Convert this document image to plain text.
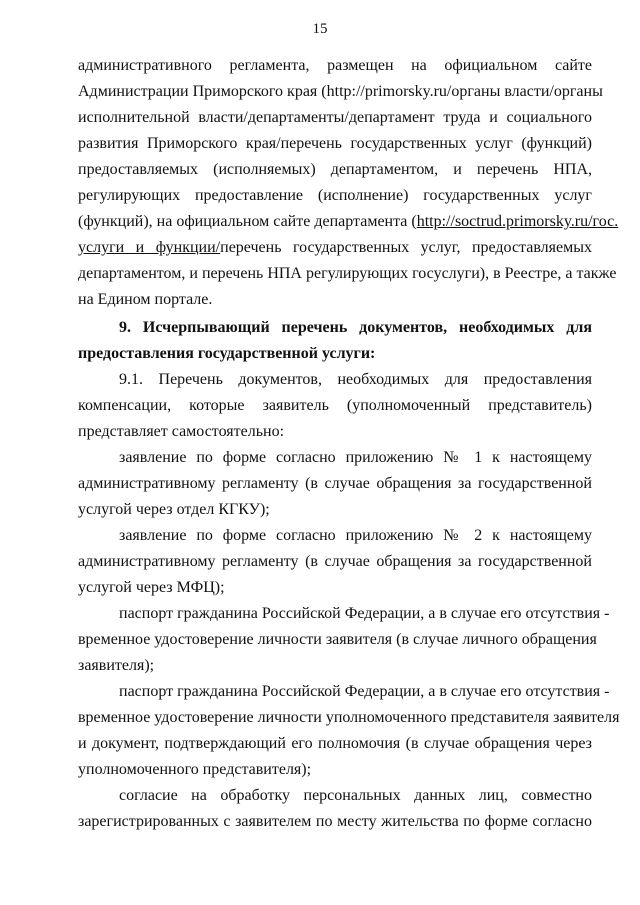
15
административного регламента, размещен на официальном сайте
Администрации Приморского края (http://primorsky.ru/органы власти/органы
исполнительной власти/департаменты/департамент труда и социального
развития Приморского края/перечень государственных услуг (функций)
предоставляемых (исполняемых) департаментом, и перечень НПА,
регулирующих предоставление (исполнение) государственных услуг
(функций), на официальном сайте департамента (http://soctrud.primorsky.ru/гос.
услуги и функции/перечень государственных услуг, предоставляемых
департаментом, и перечень НПА регулирующих госуслуги), в Реестре, а также
на Едином портале.
9. Исчерпывающий перечень документов, необходимых для
предоставления государственной услуги:
9.1. Перечень документов, необходимых для предоставления
компенсации, которые заявитель (уполномоченный представитель)
представляет самостоятельно:
заявление по форме согласно приложению № 1 к настоящему
административному регламенту (в случае обращения за государственной
услугой через отдел КГКУ);
заявление по форме согласно приложению № 2 к настоящему
административному регламенту (в случае обращения за государственной
услугой через МФЦ);
паспорт гражданина Российской Федерации, а в случае его отсутствия -
временное удостоверение личности заявителя (в случае личного обращения
заявителя);
паспорт гражданина Российской Федерации, а в случае его отсутствия -
временное удостоверение личности уполномоченного представителя заявителя
и документ, подтверждающий его полномочия (в случае обращения через
уполномоченного представителя);
согласие на обработку персональных данных лиц, совместно
зарегистрированных с заявителем по месту жительства по форме согласно
